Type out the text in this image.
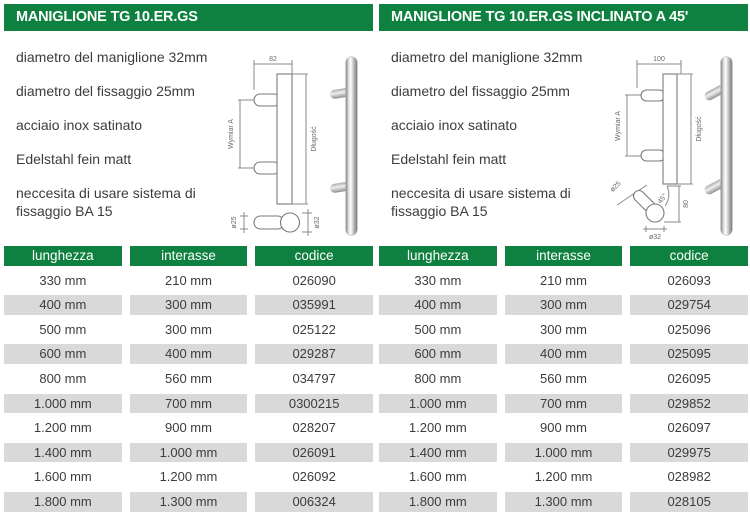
MANIGLIONE TG 10.ER.GS
diametro del maniglione 32mm
diametro del fissaggio 25mm
acciaio inox satinato
Edelstahl fein matt
neccesita di usare sistema di fissaggio BA 15
82
Wymiar A	Długość
ø25	ø32
lunghezza	interasse	codice
330 mm	210 mm	026090
400 mm	300 mm	035991
500 mm	300 mm	025122
600 mm	400 mm	029287
800 mm	560 mm	034797
1.000 mm	700 mm	0300215
1.200 mm	900 mm	028207
1.400 mm	1.000 mm	026091
1.600 mm	1.200 mm	026092
1.800 mm	1.300 mm	006324
MANIGLIONE TG 10.ER.GS INCLINATO A 45'
diametro del maniglione 32mm
diametro del fissaggio 25mm
acciaio inox satinato
Edelstahl fein matt
neccesita di usare sistema di fissaggio BA 15
100
Wymiar A	Długość
45°
ø25
80
ø32
lunghezza	interasse	codice
330 mm	210 mm	026093
400 mm	300 mm	029754
500 mm	300 mm	025096
600 mm	400 mm	025095
800 mm	560 mm	026095
1.000 mm	700 mm	029852
1.200 mm	900 mm	026097
1.400 mm	1.000 mm	029975
1.600 mm	1.200 mm	028982
1.800 mm	1.300 mm	028105
